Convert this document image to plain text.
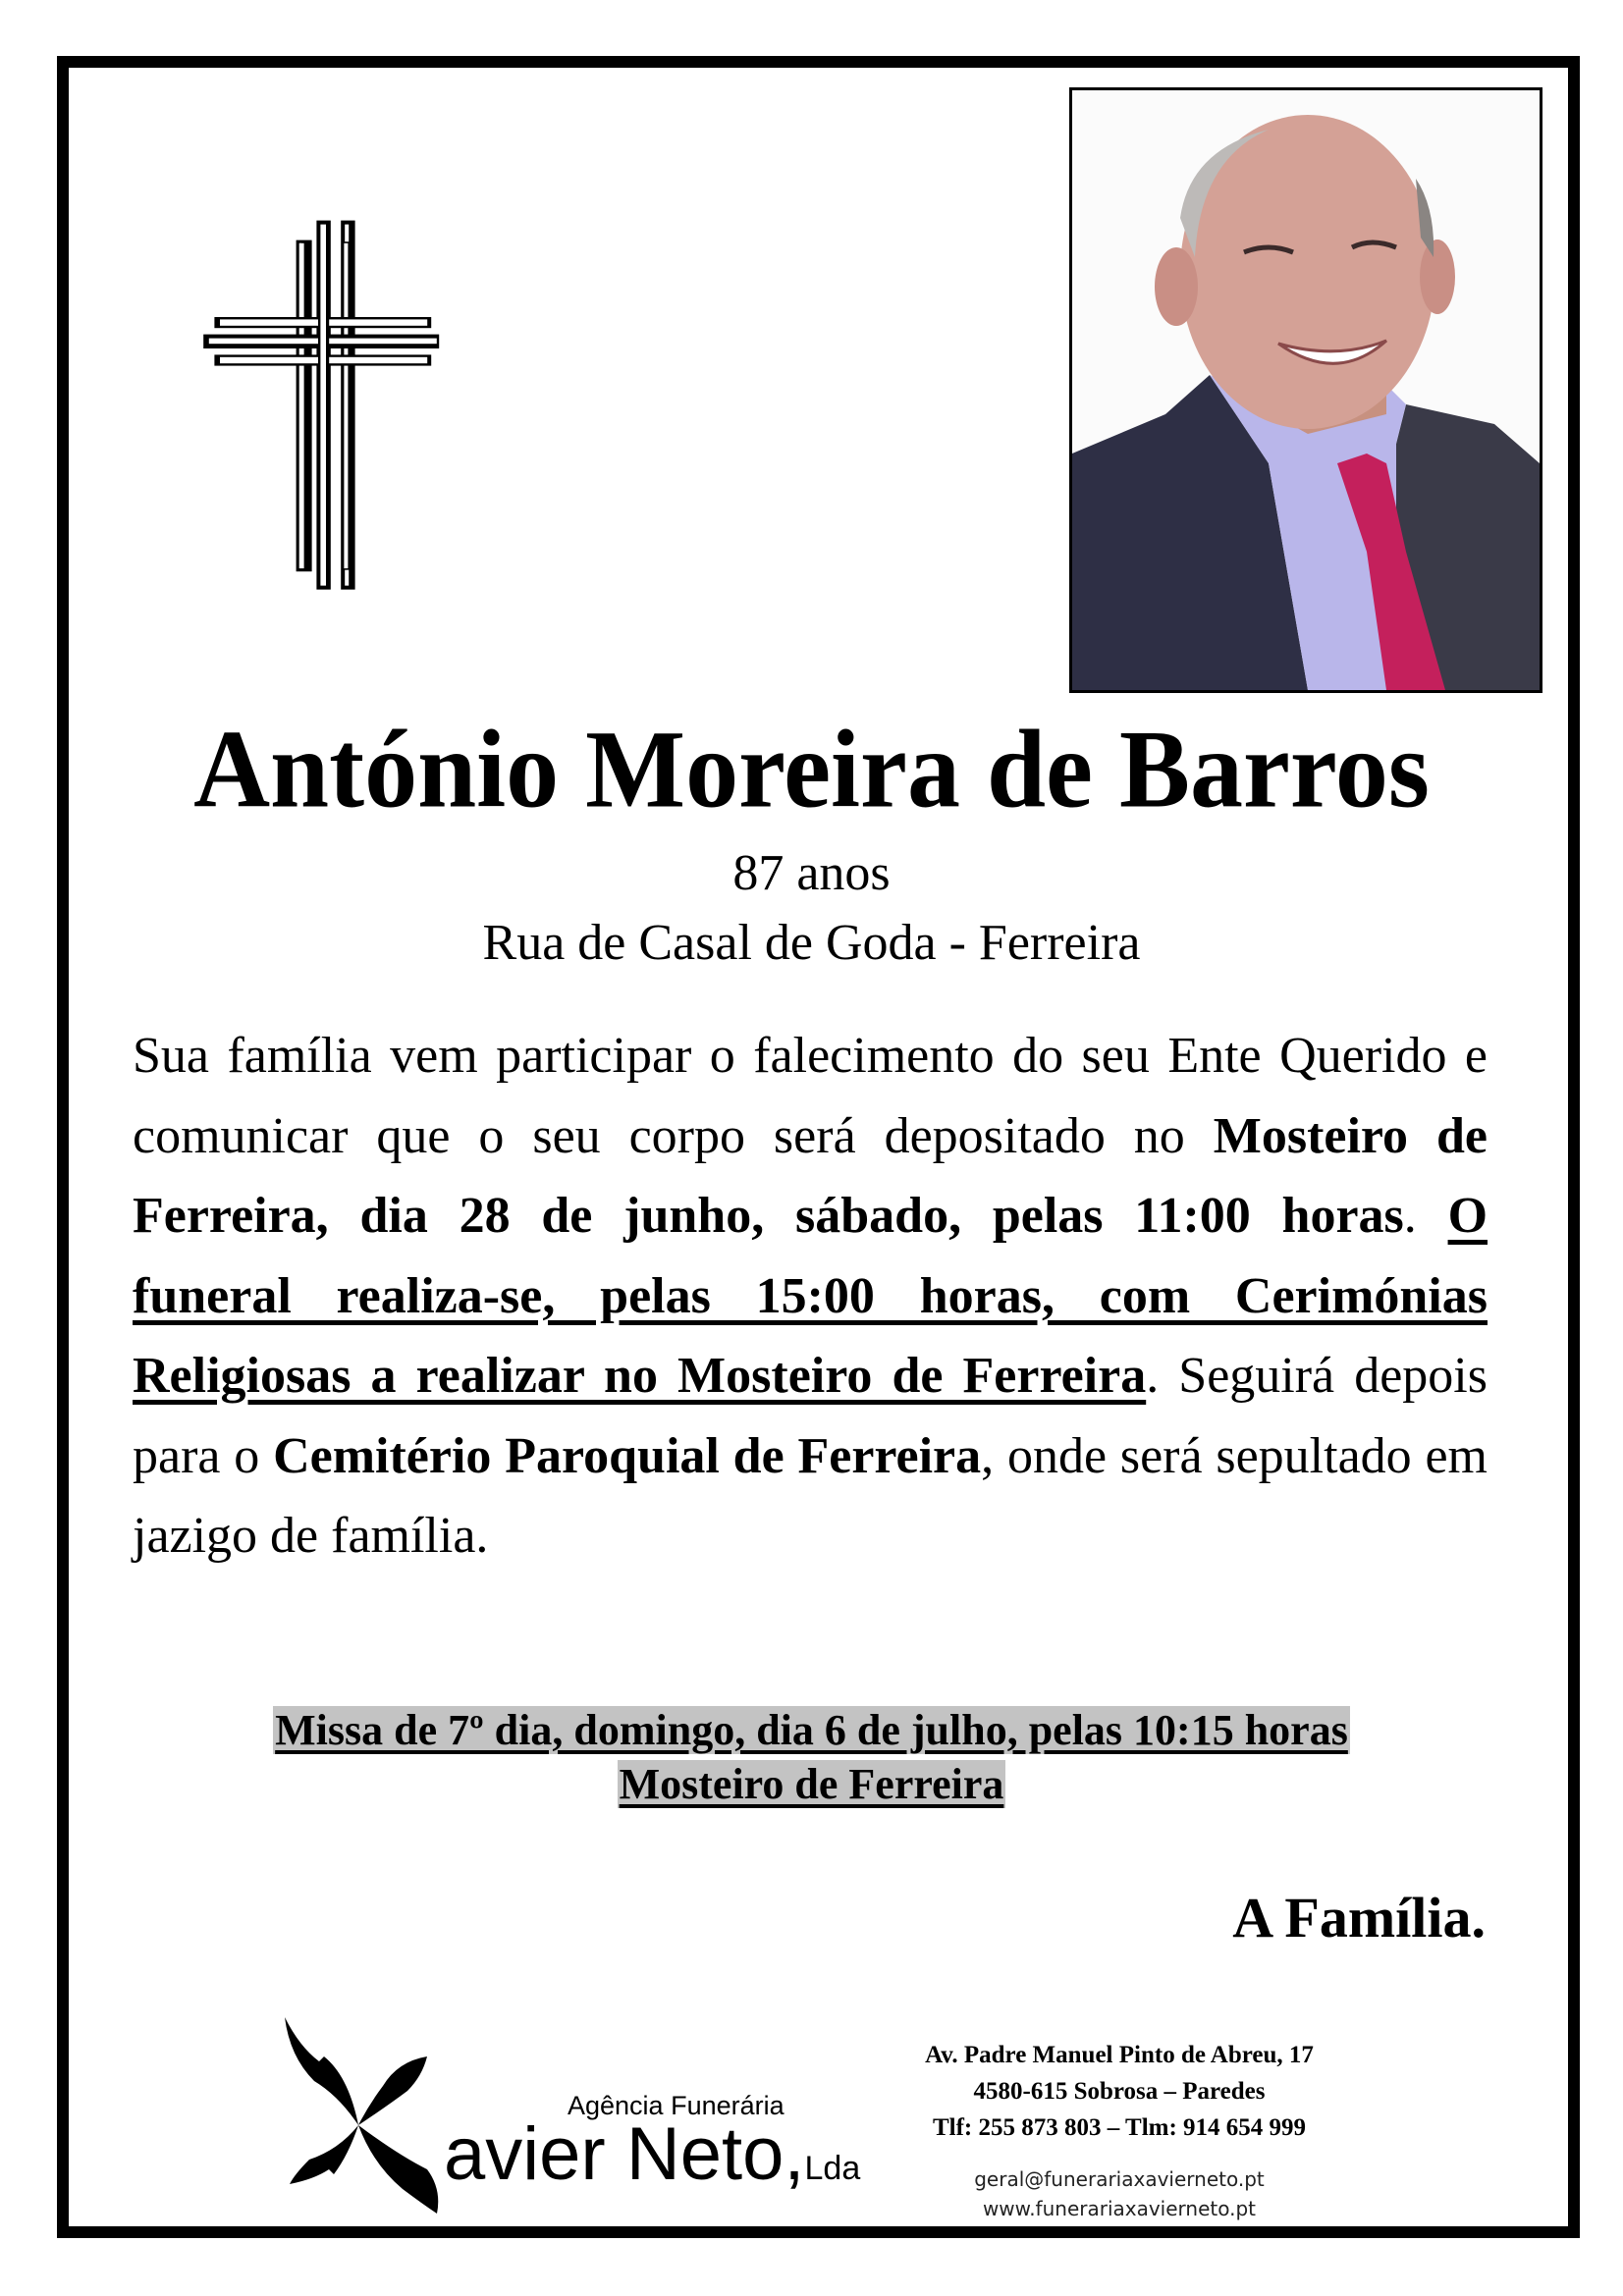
António Moreira de Barros
87 anos
Rua de Casal de Goda - Ferreira
Sua família vem participar o falecimento do seu Ente Querido e comunicar que o seu corpo será depositado no Mosteiro de Ferreira, dia 28 de junho, sábado, pelas 11:00 horas. O funeral realiza-se, pelas 15:00 horas, com Cerimónias Religiosas a realizar no Mosteiro de Ferreira. Seguirá depois para o Cemitério Paroquial de Ferreira, onde será sepultado em jazigo de família.
Missa de 7º dia, domingo, dia 6 de julho, pelas 10:15 horas
Mosteiro de Ferreira
A Família.
Agência Funerária
avier Neto,Lda
Av. Padre Manuel Pinto de Abreu, 17
4580-615 Sobrosa – Paredes
Tlf: 255 873 803 – Tlm: 914 654 999
geral@funerariaxavierneto.pt
www.funerariaxavierneto.pt
